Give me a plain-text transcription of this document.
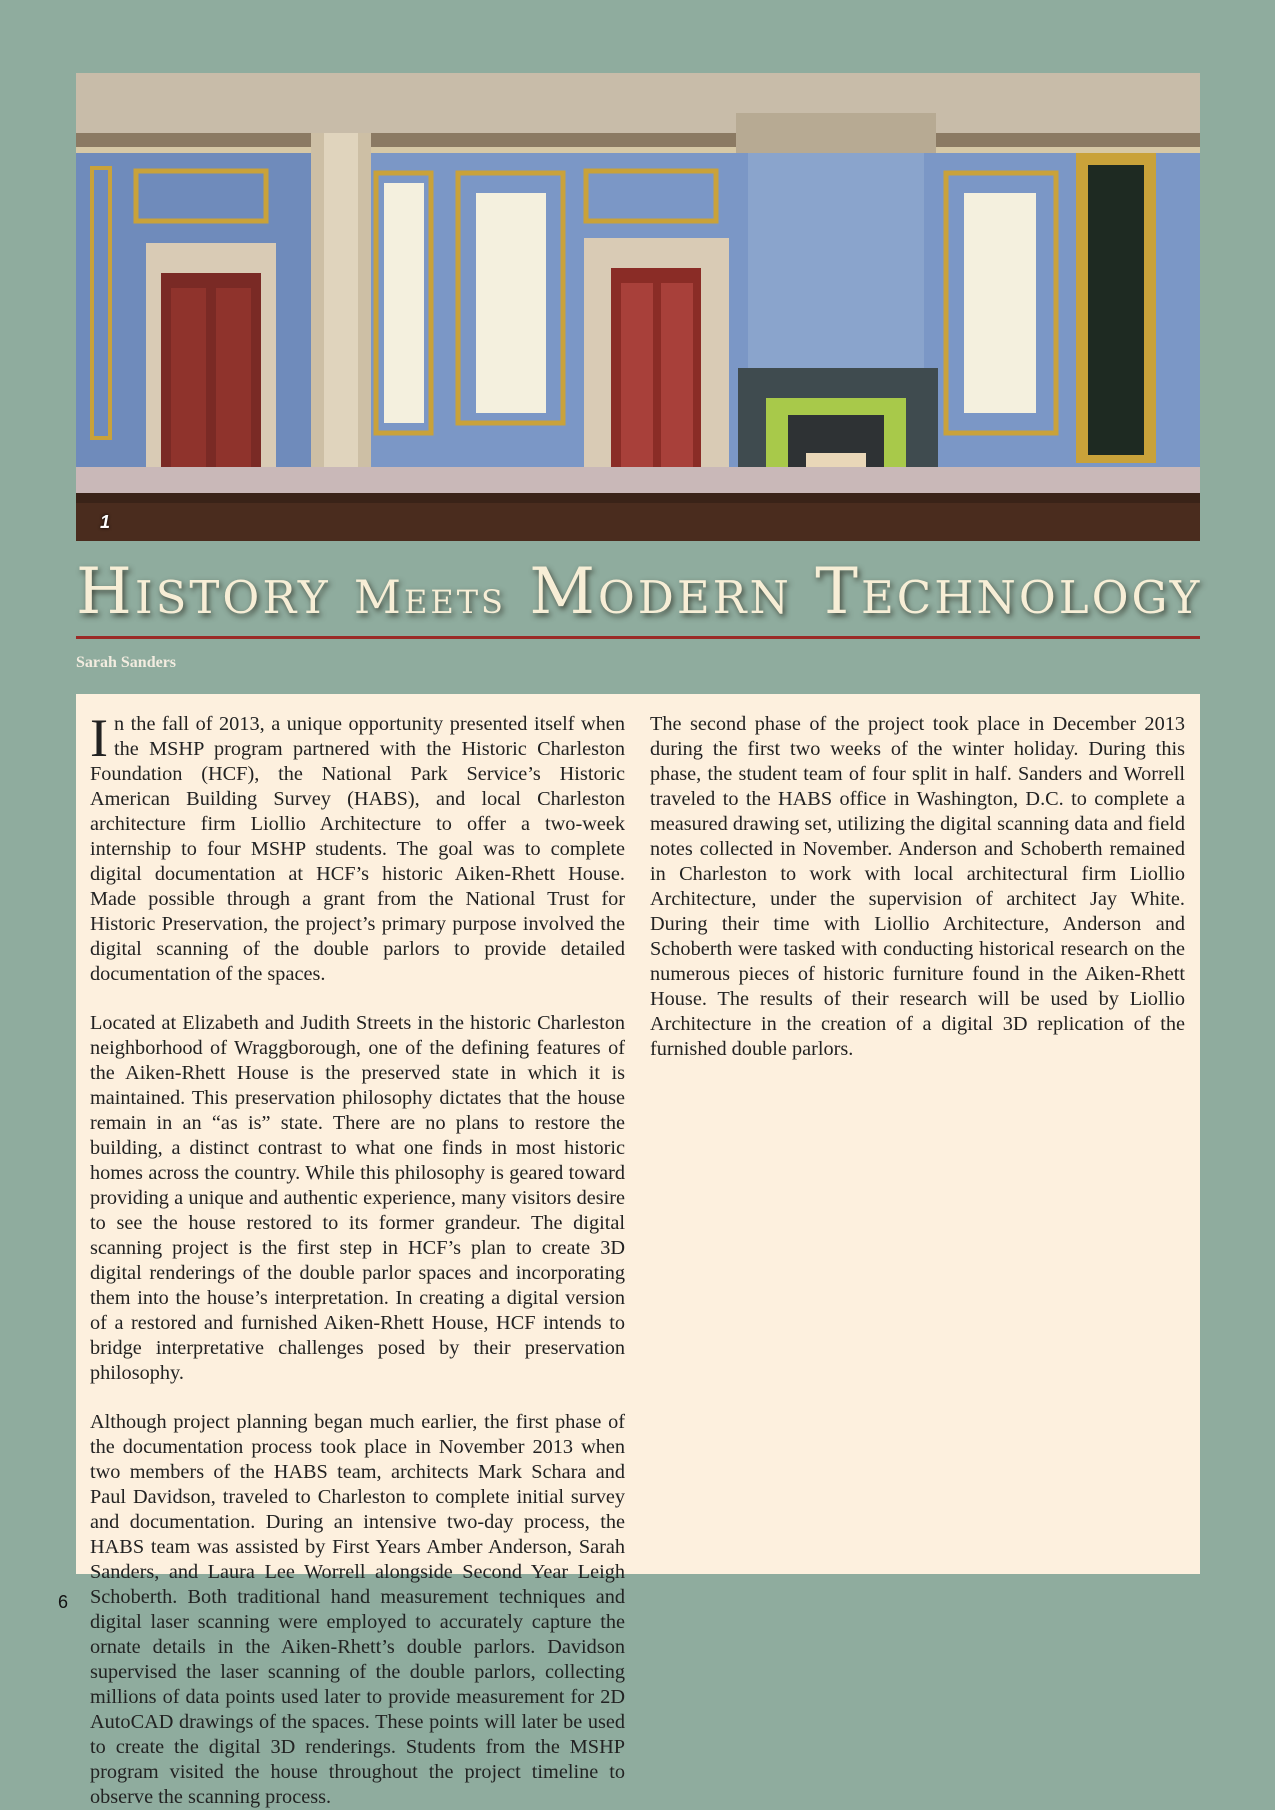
1
History Meets Modern Technology
Sarah Sanders

In the fall of 2013, a unique opportunity presented itself when the MSHP program partnered with the Historic Charleston Foundation (HCF), the National Park Service’s Historic American Building Survey (HABS), and local Charleston architecture firm Liollio Architecture to offer a two-week internship to four MSHP students. The goal was to complete digital documentation at HCF’s historic Aiken-Rhett House. Made possible through a grant from the National Trust for Historic Preservation, the project’s primary purpose involved the digital scanning of the double parlors to provide detailed documentation of the spaces.

Located at Elizabeth and Judith Streets in the historic Charleston neighborhood of Wraggborough, one of the defining features of the Aiken-Rhett House is the preserved state in which it is maintained. This preservation philosophy dictates that the house remain in an “as is” state. There are no plans to restore the building, a distinct contrast to what one finds in most historic homes across the country. While this philosophy is geared toward providing a unique and authentic experience, many visitors desire to see the house restored to its former grandeur. The digital scanning project is the first step in HCF’s plan to create 3D digital renderings of the double parlor spaces and incorporating them into the house’s interpretation. In creating a digital version of a restored and furnished Aiken-Rhett House, HCF intends to bridge interpretative challenges posed by their preservation philosophy.

Although project planning began much earlier, the first phase of the documentation process took place in November 2013 when two members of the HABS team, architects Mark Schara and Paul Davidson, traveled to Charleston to complete initial survey and documentation. During an intensive two-day process, the HABS team was assisted by First Years Amber Anderson, Sarah Sanders, and Laura Lee Worrell alongside Second Year Leigh Schoberth. Both traditional hand measurement techniques and digital laser scanning were employed to accurately capture the ornate details in the Aiken-Rhett’s double parlors. Davidson supervised the laser scanning of the double parlors, collecting millions of data points used later to provide measurement for 2D AutoCAD drawings of the spaces. These points will later be used to create the digital 3D renderings. Students from the MSHP program visited the house throughout the project timeline to observe the scanning process.

The second phase of the project took place in December 2013 during the first two weeks of the winter holiday. During this phase, the student team of four split in half. Sanders and Worrell traveled to the HABS office in Washington, D.C. to complete a measured drawing set, utilizing the digital scanning data and field notes collected in November. Anderson and Schoberth remained in Charleston to work with local architectural firm Liollio Architecture, under the supervision of architect Jay White. During their time with Liollio Architecture, Anderson and Schoberth were tasked with conducting historical research on the numerous pieces of historic furniture found in the Aiken-Rhett House. The results of their research will be used by Liollio Architecture in the creation of a digital 3D replication of the furnished double parlors.

6
